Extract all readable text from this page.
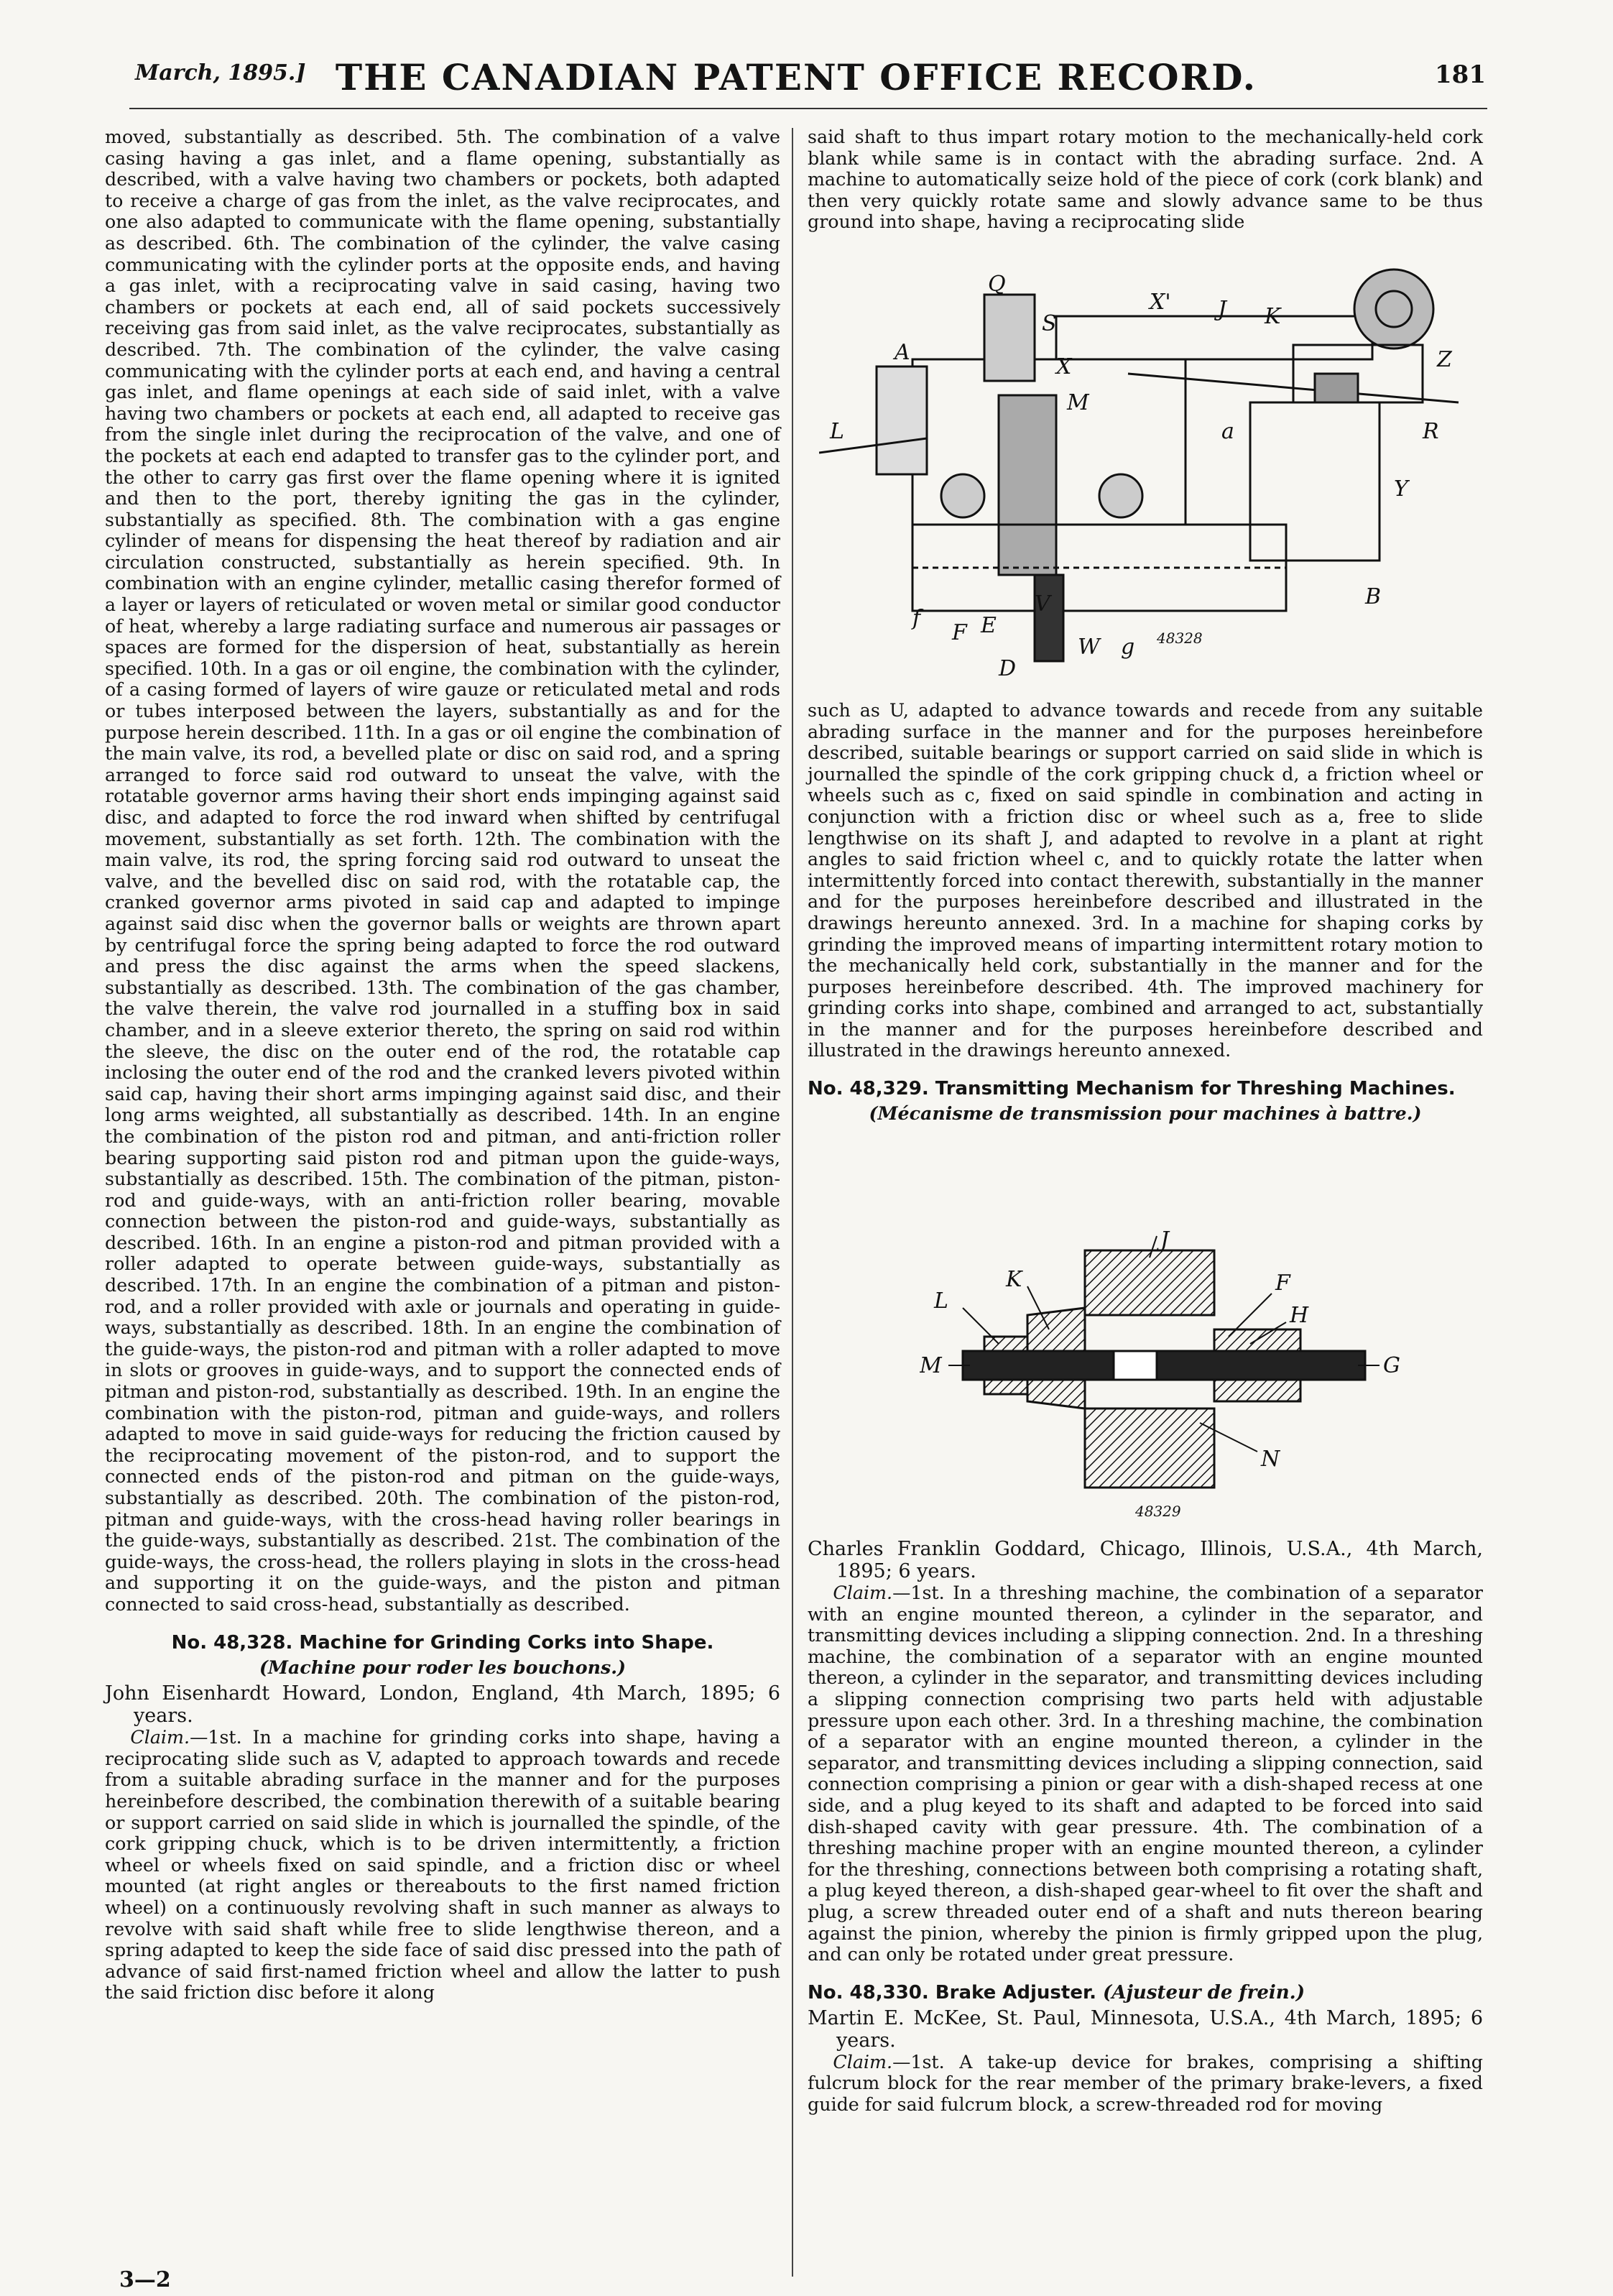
March, 1895.] THE CANADIAN PATENT OFFICE RECORD.	181

moved, substantially as described. 5th. The combination of a valve casing having a gas inlet, and a flame opening, substantially as described, with a valve having two chambers or pockets, both adapted to receive a charge of gas from the inlet, as the valve reciprocates, and one also adapted to communicate with the flame opening, substantially as described. 6th. The combination of the cylinder, the valve casing communicating with the cylinder ports at the opposite ends, and having a gas inlet, with a reciprocating valve in said casing, having two chambers or pockets at each end, all of said pockets successively receiving gas from said inlet, as the valve reciprocates, substantially as described. 7th. The combination of the cylinder, the valve casing communicating with the cylinder ports at each end, and having a central gas inlet, and flame openings at each side of said inlet, with a valve having two chambers or pockets at each end, all adapted to receive gas from the single inlet during the reciprocation of the valve, and one of the pockets at each end adapted to transfer gas to the cylinder port, and the other to carry gas first over the flame opening where it is ignited and then to the port, thereby igniting the gas in the cylinder, substantially as specified. 8th. The combination with a gas engine cylinder of means for dispensing the heat thereof by radiation and air circulation constructed, substantially as herein specified. 9th. In combination with an engine cylinder, metallic casing therefor formed of a layer or layers of reticulated or woven metal or similar good conductor of heat, whereby a large radiating surface and numerous air passages or spaces are formed for the dispersion of heat, substantially as herein specified. 10th. In a gas or oil engine, the combination with the cylinder, of a casing formed of layers of wire gauze or reticulated metal and rods or tubes interposed between the layers, substantially as and for the purpose herein described. 11th. In a gas or oil engine the combination of the main valve, its rod, a bevelled plate or disc on said rod, and a spring arranged to force said rod outward to unseat the valve, with the rotatable governor arms having their short ends impinging against said disc, and adapted to force the rod inward when shifted by centrifugal movement, substantially as set forth. 12th. The combination with the main valve, its rod, the spring forcing said rod outward to unseat the valve, and the bevelled disc on said rod, with the rotatable cap, the cranked governor arms pivoted in said cap and adapted to impinge against said disc when the governor balls or weights are thrown apart by centrifugal force the spring being adapted to force the rod outward and press the disc against the arms when the speed slackens, substantially as described. 13th. The combination of the gas chamber, the valve therein, the valve rod journalled in a stuffing box in said chamber, and in a sleeve exterior thereto, the spring on said rod within the sleeve, the disc on the outer end of the rod, the rotatable cap inclosing the outer end of the rod and the cranked levers pivoted within said cap, having their short arms impinging against said disc, and their long arms weighted, all substantially as described. 14th. In an engine the combination of the piston rod and pitman, and anti-friction roller bearing supporting said piston rod and pitman upon the guide-ways, substantially as described. 15th. The combination of the pitman, piston-rod and guide-ways, with an anti-friction roller bearing, movable connection between the piston-rod and guide-ways, substantially as described. 16th. In an engine a piston-rod and pitman provided with a roller adapted to operate between guide-ways, substantially as described. 17th. In an engine the combination of a pitman and piston-rod, and a roller provided with axle or journals and operating in guide-ways, substantially as described. 18th. In an engine the combination of the guide-ways, the piston-rod and pitman with a roller adapted to move in slots or grooves in guide-ways, and to support the connected ends of pitman and piston-rod, substantially as described. 19th. In an engine the combination with the piston-rod, pitman and guide-ways, and rollers adapted to move in said guide-ways for reducing the friction caused by the reciprocating movement of the piston-rod, and to support the connected ends of the piston-rod and pitman on the guide-ways, substantially as described. 20th. The combination of the piston-rod, pitman and guide-ways, with the cross-head having roller bearings in the guide-ways, substantially as described. 21st. The combination of the guide-ways, the cross-head, the rollers playing in slots in the cross-head and supporting it on the guide-ways, and the piston and pitman connected to said cross-head, substantially as described.

No. 48,328. Machine for Grinding Corks into Shape.
(Machine pour roder les bouchons.)

John Eisenhardt Howard, London, England, 4th March, 1895; 6 years.

Claim.—1st. In a machine for grinding corks into shape, having a reciprocating slide such as V, adapted to approach towards and recede from a suitable abrading surface in the manner and for the purposes hereinbefore described, the combination therewith of a suitable bearing or support carried on said slide in which is journalled the spindle, of the cork gripping chuck, which is to be driven intermittently, a friction wheel or wheels fixed on said spindle, and a friction disc or wheel mounted (at right angles or thereabouts to the first named friction wheel) on a continuously revolving shaft in such manner as always to revolve with said shaft while free to slide lengthwise thereon, and a spring adapted to keep the side face of said disc pressed into the path of advance of said first-named friction wheel and allow the latter to push the said friction disc before it along

3—2

said shaft to thus impart rotary motion to the mechanically-held cork blank while same is in contact with the abrading surface. 2nd. A machine to automatically seize hold of the piece of cork (cork blank) and then very quickly rotate same and slowly advance same to be thus ground into shape, having a reciprocating slide

such as U, adapted to advance towards and recede from any suitable abrading surface in the manner and for the purposes hereinbefore described, suitable bearings or support carried on said slide in which is journalled the spindle of the cork gripping chuck d, a friction wheel or wheels such as c, fixed on said spindle in combination and acting in conjunction with a friction disc or wheel such as a, free to slide lengthwise on its shaft J, and adapted to revolve in a plant at right angles to said friction wheel c, and to quickly rotate the latter when intermittently forced into contact therewith, substantially in the manner and for the purposes hereinbefore described and illustrated in the drawings hereunto annexed. 3rd. In a machine for shaping corks by grinding the improved means of imparting intermittent rotary motion to the mechanically held cork, substantially in the manner and for the purposes hereinbefore described. 4th. The improved machinery for grinding corks into shape, combined and arranged to act, substantially in the manner and for the purposes hereinbefore described and illustrated in the drawings hereunto annexed.

No. 48,329. Transmitting Mechanism for Threshing Machines.
(Mécanisme de transmission pour machines à battre.)
A
Q
S
X' J K
L
Z
Y
B
F
D
W
V
E
M
R
X
a
f
g 48328
J
L
K	F
H
M	G
N
48329

Charles Franklin Goddard, Chicago, Illinois, U.S.A., 4th March, 1895; 6 years.

Claim.—1st. In a threshing machine, the combination of a separator with an engine mounted thereon, a cylinder in the separator, and transmitting devices including a slipping connection. 2nd. In a threshing machine, the combination of a separator with an engine mounted thereon, a cylinder in the separator, and transmitting devices including a slipping connection comprising two parts held with adjustable pressure upon each other. 3rd. In a threshing machine, the combination of a separator with an engine mounted thereon, a cylinder in the separator, and transmitting devices including a slipping connection, said connection comprising a pinion or gear with a dish-shaped recess at one side, and a plug keyed to its shaft and adapted to be forced into said dish-shaped cavity with gear pressure. 4th. The combination of a threshing machine proper with an engine mounted thereon, a cylinder for the threshing, connections between both comprising a rotating shaft, a plug keyed thereon, a dish-shaped gear-wheel to fit over the shaft and plug, a screw threaded outer end of a shaft and nuts thereon bearing against the pinion, whereby the pinion is firmly gripped upon the plug, and can only be rotated under great pressure.

No. 48,330. Brake Adjuster. (Ajusteur de frein.)

Martin E. McKee, St. Paul, Minnesota, U.S.A., 4th March, 1895; 6 years.

Claim.—1st. A take-up device for brakes, comprising a shifting fulcrum block for the rear member of the primary brake-levers, a fixed guide for said fulcrum block, a screw-threaded rod for moving
